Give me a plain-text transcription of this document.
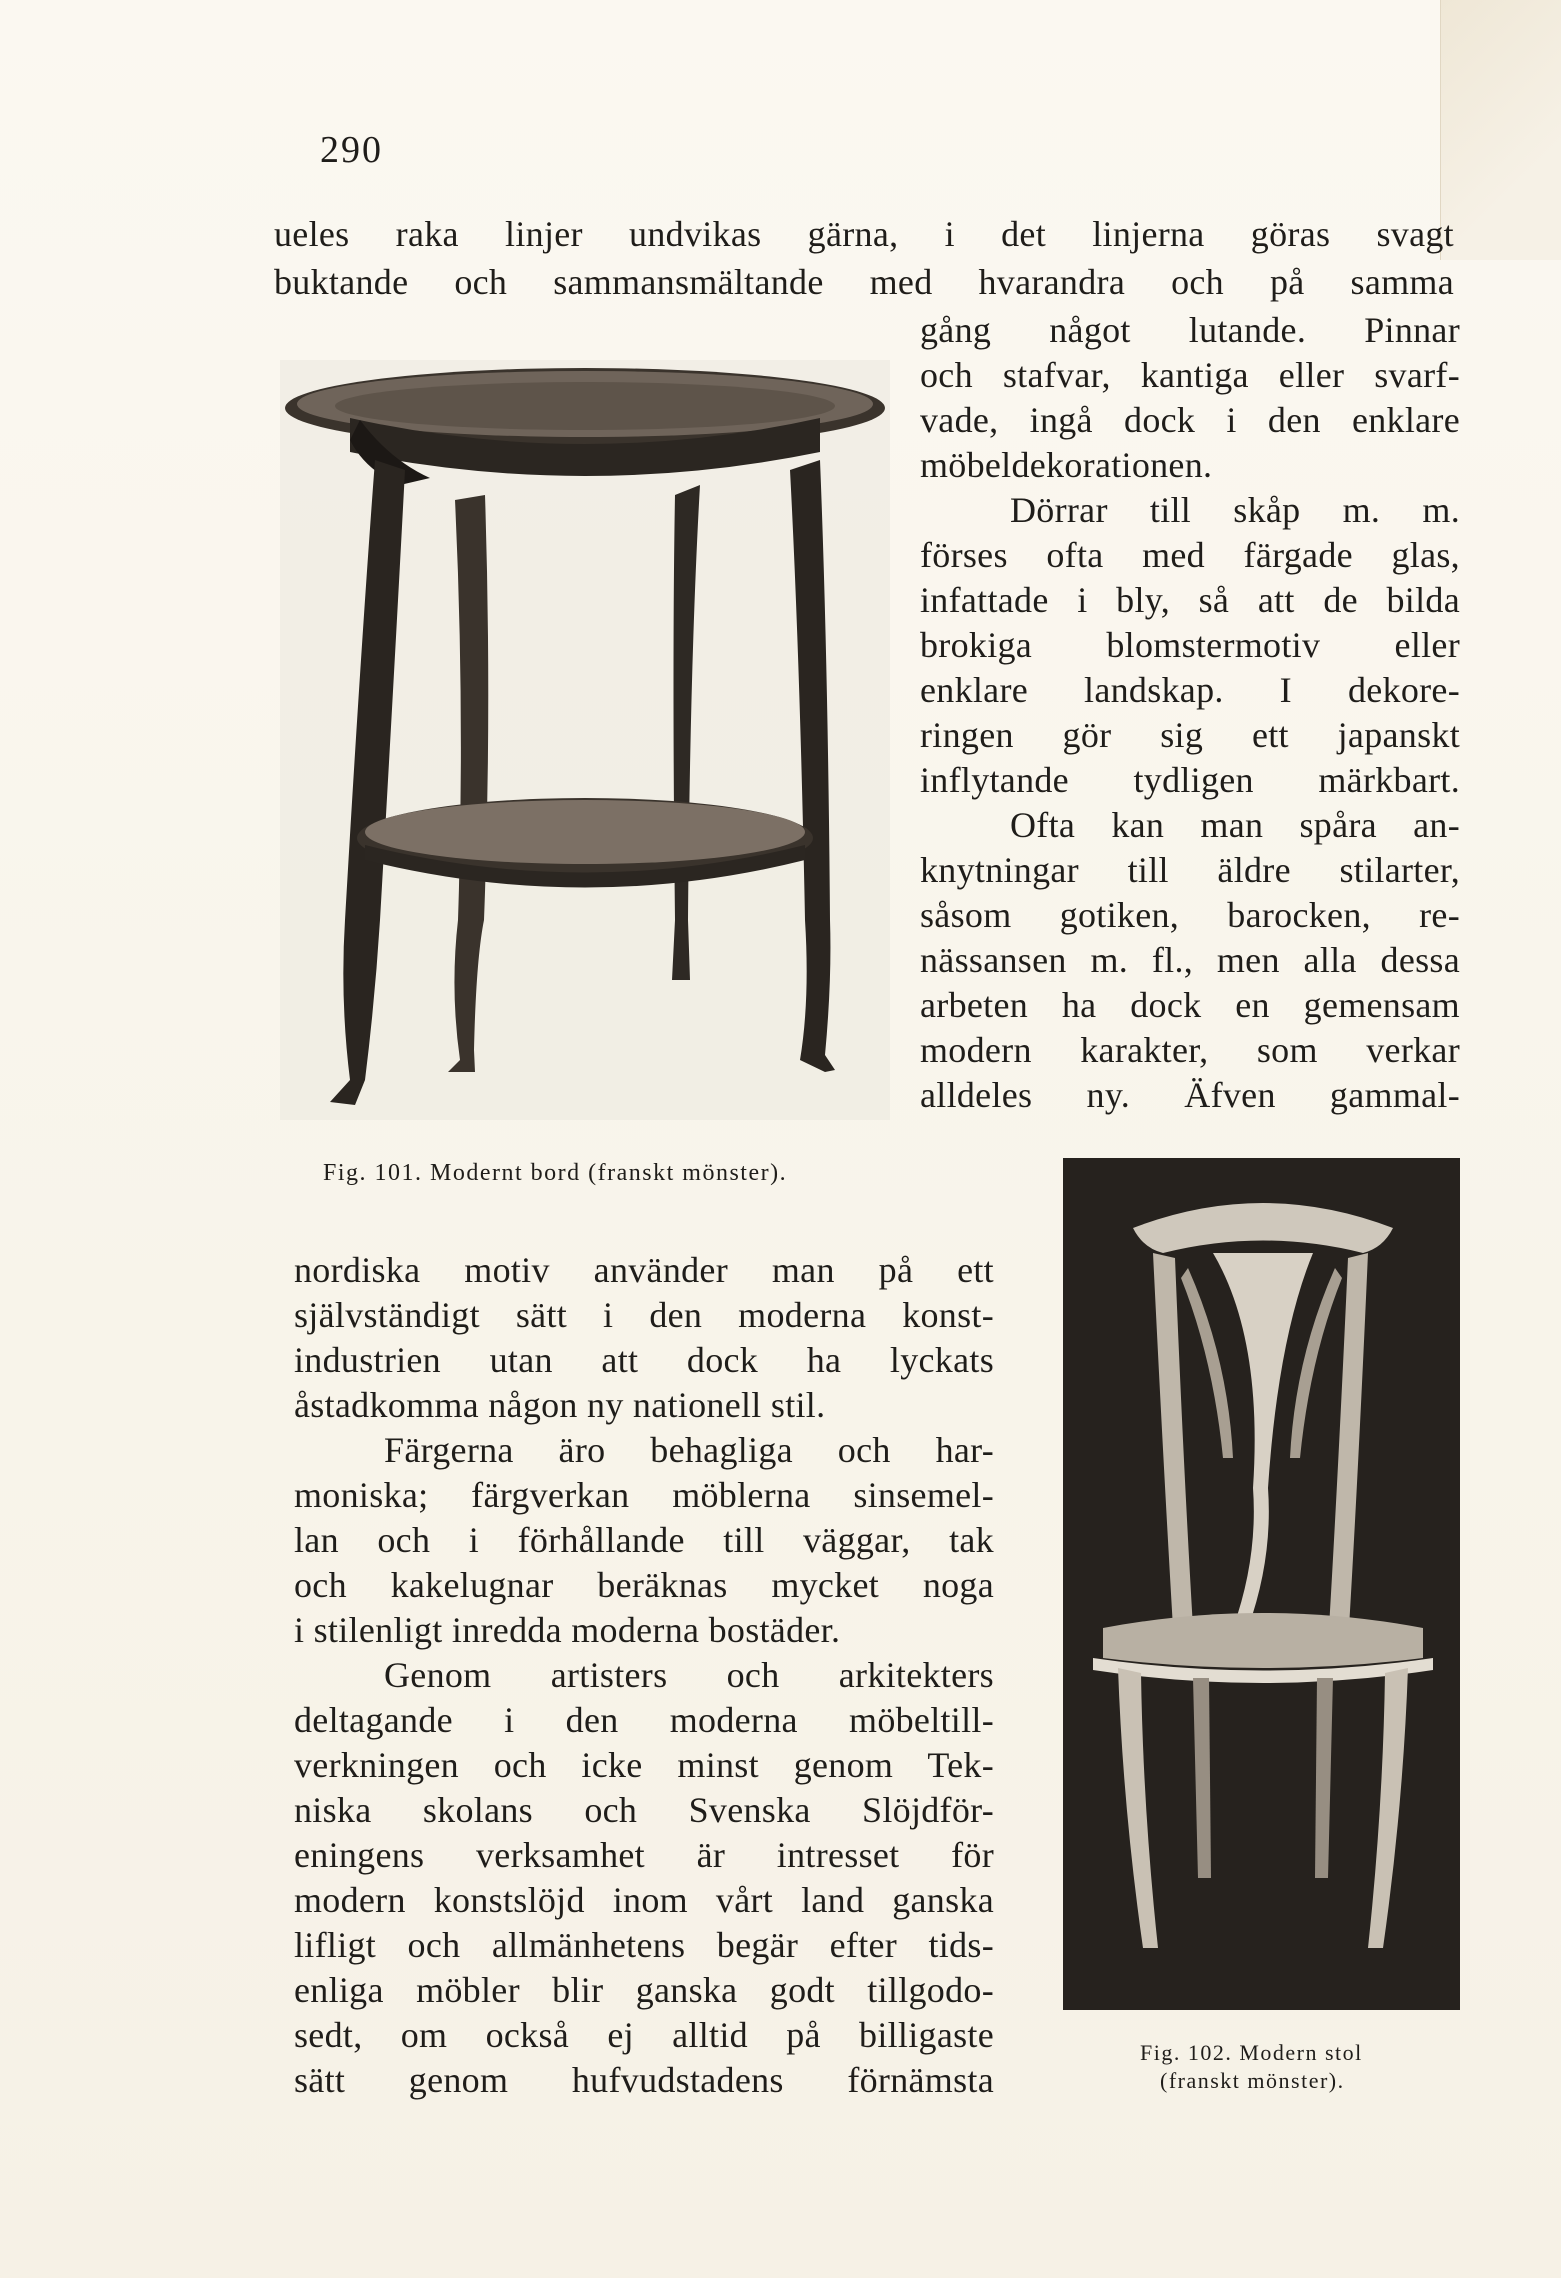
290
ueles raka linjer undvikas gärna, i det linjerna göras svagt
buktande och sammansmältande med hvarandra och på samma
gång något lutande. Pinnar
och stafvar, kantiga eller svarf-
vade, ingå dock i den enklare
möbeldekorationen.
Dörrar till skåp m. m.
förses ofta med färgade glas,
infattade i bly, så att de bilda
brokiga blomstermotiv eller
enklare landskap. I dekore-
ringen gör sig ett japanskt
inflytande tydligen märkbart.
Ofta kan man spåra an-
knytningar till äldre stilarter,
såsom gotiken, barocken, re-
nässansen m. fl., men alla dessa
arbeten ha dock en gemensam
modern karakter, som verkar
alldeles ny. Äfven gammal-
Fig. 101. Modernt bord (franskt mönster).
nordiska motiv använder man på ett
självständigt sätt i den moderna konst-
industrien utan att dock ha lyckats
åstadkomma någon ny nationell stil.
Färgerna äro behagliga och har-
moniska; färgverkan möblerna sinsemel-
lan och i förhållande till väggar, tak
och kakelugnar beräknas mycket noga
i stilenligt inredda moderna bostäder.
Genom artisters och arkitekters
deltagande i den moderna möbeltill-
verkningen och icke minst genom Tek-
niska skolans och Svenska Slöjdför-
eningens verksamhet är intresset för
modern konstslöjd inom vårt land ganska
lifligt och allmänhetens begär efter tids-
enliga möbler blir ganska godt tillgodo-
sedt, om också ej alltid på billigaste
sätt genom hufvudstadens förnämsta
Fig. 102. Modern stol
(franskt mönster).
